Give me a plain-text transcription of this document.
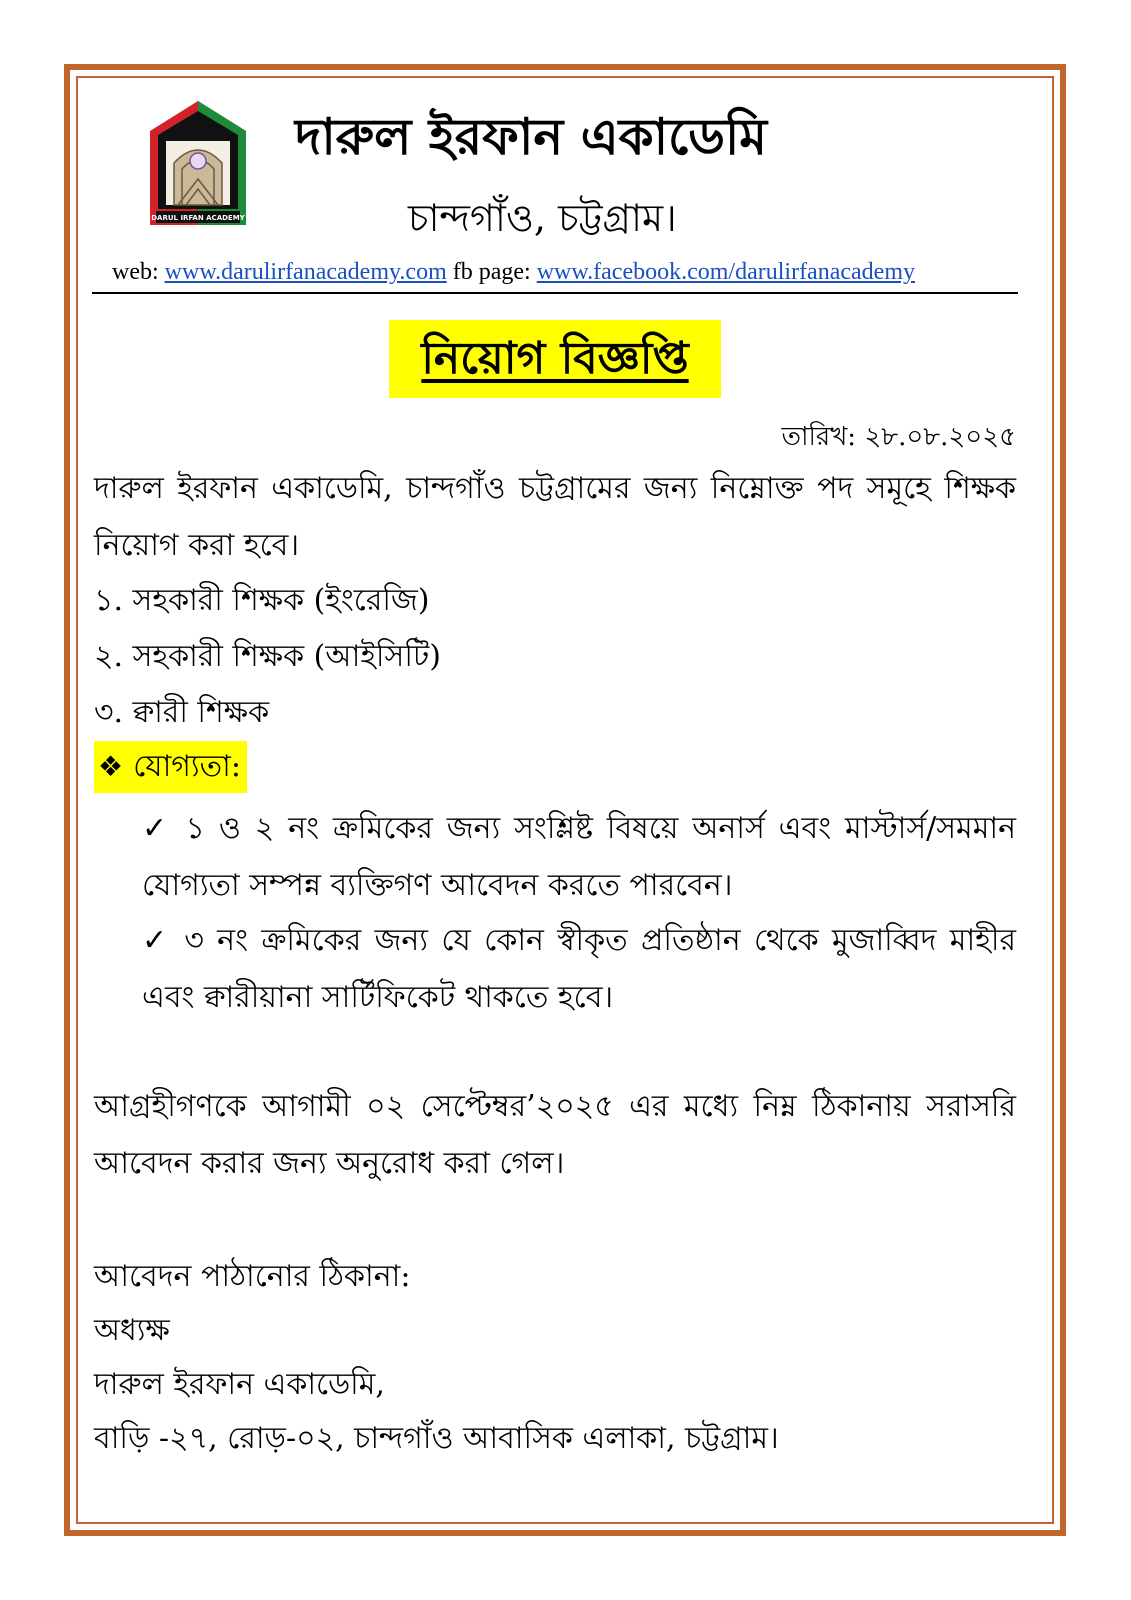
DARUL IRFAN ACADEMY
দারুল ইরফান একাডেমি
চান্দগাঁও, চট্টগ্রাম।
web: www.darulirfanacademy.com fb page: www.facebook.com/darulirfanacademy
নিয়োগ বিজ্ঞপ্তি
তারিখ: ২৮.০৮.২০২৫
দারুল ইরফান একাডেমি, চান্দগাঁও চট্টগ্রামের জন্য নিম্নোক্ত পদ সমূহে শিক্ষক নিয়োগ করা হবে।
১. সহকারী শিক্ষক (ইংরেজি)
২. সহকারী শিক্ষক (আইসিটি)
৩. ক্বারী শিক্ষক
❖ যোগ্যতা:
✓ ১ ও ২ নং ক্রমিকের জন্য সংশ্লিষ্ট বিষয়ে অনার্স এবং মাস্টার্স/সমমান যোগ্যতা সম্পন্ন ব্যক্তিগণ আবেদন করতে পারবেন।
✓ ৩ নং ক্রমিকের জন্য যে কোন স্বীকৃত প্রতিষ্ঠান থেকে মুজাব্বিদ মাহীর এবং ক্বারীয়ানা সার্টিফিকেট থাকতে হবে।
আগ্রহীগণকে আগামী ০২ সেপ্টেম্বর’২০২৫ এর মধ্যে নিম্ন ঠিকানায় সরাসরি আবেদন করার জন্য অনুরোধ করা গেল।
আবেদন পাঠানোর ঠিকানা:
অধ্যক্ষ
দারুল ইরফান একাডেমি,
বাড়ি -২৭, রোড়-০২, চান্দগাঁও আবাসিক এলাকা, চট্টগ্রাম।
